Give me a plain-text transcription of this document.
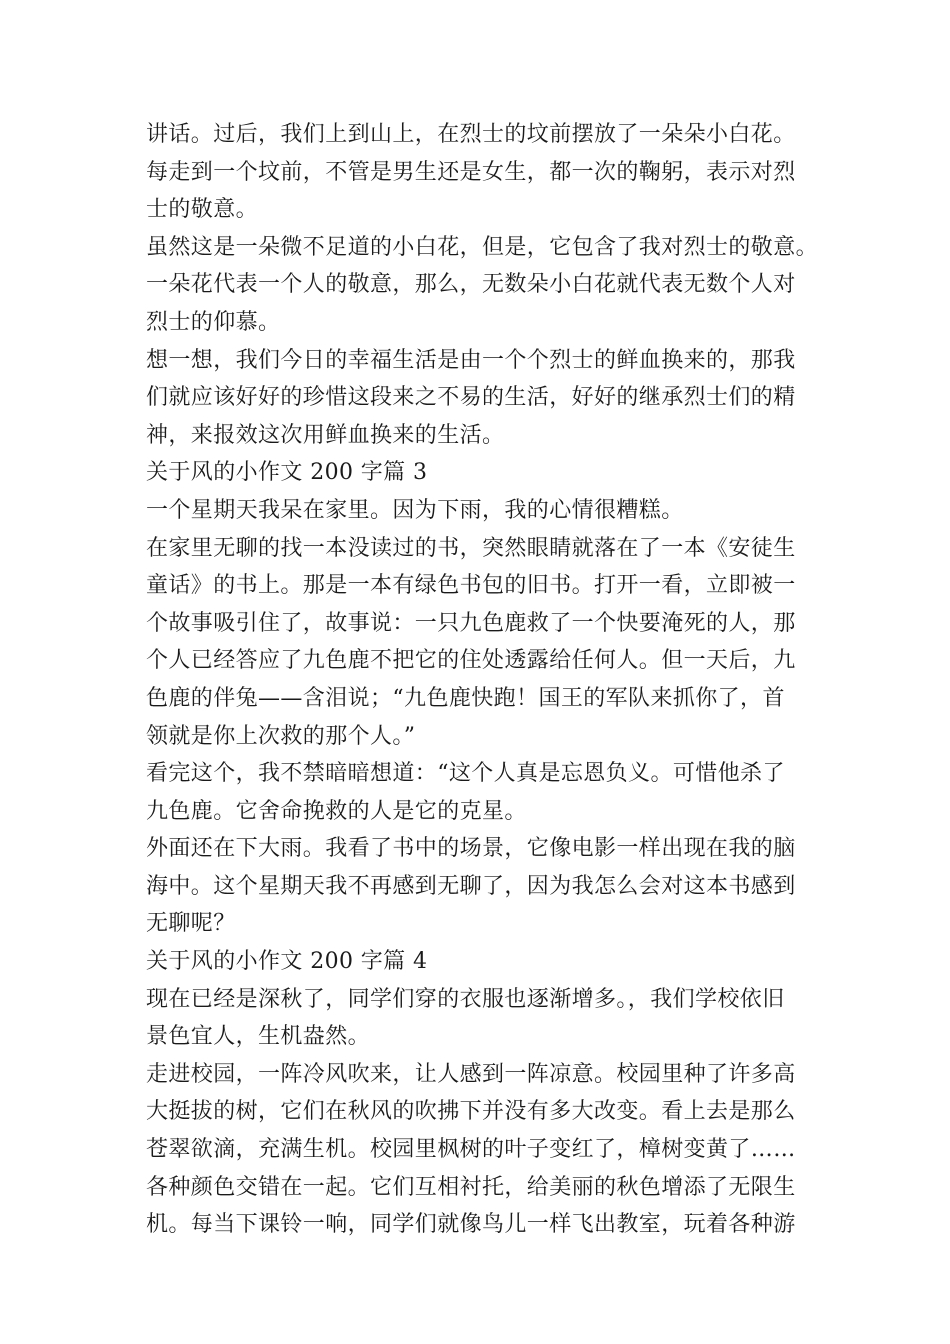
讲话。过后，我们上到山上，在烈士的坟前摆放了一朵朵小白花。
每走到一个坟前，不管是男生还是女生，都一次的鞠躬，表示对烈
士的敬意。
虽然这是一朵微不足道的小白花，但是，它包含了我对烈士的敬意。
一朵花代表一个人的敬意，那么，无数朵小白花就代表无数个人对
烈士的仰慕。
想一想，我们今日的幸福生活是由一个个烈士的鲜血换来的，那我
们就应该好好的珍惜这段来之不易的生活，好好的继承烈士们的精
神，来报效这次用鲜血换来的生活。
关于风的小作文 200 字篇 3
一个星期天我呆在家里。因为下雨，我的心情很糟糕。
在家里无聊的找一本没读过的书，突然眼睛就落在了一本《安徒生
童话》的书上。那是一本有绿色书包的旧书。打开一看，立即被一
个故事吸引住了，故事说：一只九色鹿救了一个快要淹死的人，那
个人已经答应了九色鹿不把它的住处透露给任何人。但一天后，九
色鹿的伴兔——含泪说；“九色鹿快跑！国王的军队来抓你了，首
领就是你上次救的那个人。”
看完这个，我不禁暗暗想道：“这个人真是忘恩负义。可惜他杀了
九色鹿。它舍命挽救的人是它的克星。
外面还在下大雨。我看了书中的场景，它像电影一样出现在我的脑
海中。这个星期天我不再感到无聊了，因为我怎么会对这本书感到
无聊呢？
关于风的小作文 200 字篇 4
现在已经是深秋了，同学们穿的衣服也逐渐增多。，我们学校依旧
景色宜人，生机盎然。
走进校园，一阵冷风吹来，让人感到一阵凉意。校园里种了许多高
大挺拔的树，它们在秋风的吹拂下并没有多大改变。看上去是那么
苍翠欲滴，充满生机。校园里枫树的叶子变红了，樟树变黄了……
各种颜色交错在一起。它们互相衬托，给美丽的秋色增添了无限生
机。每当下课铃一响，同学们就像鸟儿一样飞出教室，玩着各种游
